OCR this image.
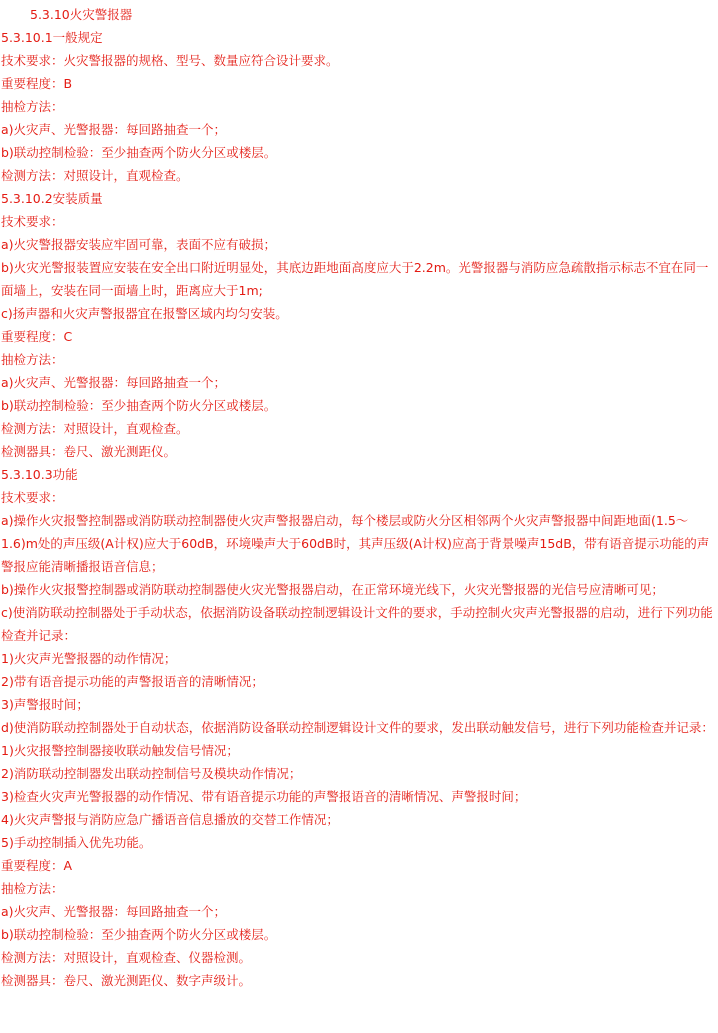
5.3.10火灾警报器
5.3.10.1一般规定
技术要求：火灾警报器的规格、型号、数量应符合设计要求。
重要程度：B
抽检方法：
a)火灾声、光警报器：每回路抽查一个；
b)联动控制检验：至少抽查两个防火分区或楼层。
检测方法：对照设计，直观检查。
5.3.10.2安装质量
技术要求：
a)火灾警报器安装应牢固可靠，表面不应有破损；
b)火灾光警报装置应安装在安全出口附近明显处，其底边距地面高度应大于2.2m。光警报器与消防应急疏散指示标志不宜在同一面墙上，安装在同一面墙上时，距离应大于1m;
c)扬声器和火灾声警报器宜在报警区域内均匀安装。
重要程度：C
抽检方法：
a)火灾声、光警报器：每回路抽查一个；
b)联动控制检验：至少抽查两个防火分区或楼层。
检测方法：对照设计，直观检查。
检测器具：卷尺、激光测距仪。
5.3.10.3功能
技术要求：
a)操作火灾报警控制器或消防联动控制器使火灾声警报器启动，每个楼层或防火分区相邻两个火灾声警报器中间距地面(1.5～1.6)m处的声压级(A计权)应大于60dB，环境噪声大于60dB时，其声压级(A计权)应高于背景噪声15dB，带有语音提示功能的声警报应能清晰播报语音信息；
b)操作火灾报警控制器或消防联动控制器使火灾光警报器启动，在正常环境光线下，火灾光警报器的光信号应清晰可见；
c)使消防联动控制器处于手动状态，依据消防设备联动控制逻辑设计文件的要求，手动控制火灾声光警报器的启动，进行下列功能检查并记录：
1)火灾声光警报器的动作情况；
2)带有语音提示功能的声警报语音的清晰情况；
3)声警报时间；
d)使消防联动控制器处于自动状态，依据消防设备联动控制逻辑设计文件的要求，发出联动触发信号，进行下列功能检查并记录：
1)火灾报警控制器接收联动触发信号情况；
2)消防联动控制器发出联动控制信号及模块动作情况；
3)检查火灾声光警报器的动作情况、带有语音提示功能的声警报语音的清晰情况、声警报时间；
4)火灾声警报与消防应急广播语音信息播放的交替工作情况；
5)手动控制插入优先功能。
重要程度：A
抽检方法：
a)火灾声、光警报器：每回路抽查一个；
b)联动控制检验：至少抽查两个防火分区或楼层。
检测方法：对照设计，直观检查、仪器检测。
检测器具：卷尺、激光测距仪、数字声级计。
